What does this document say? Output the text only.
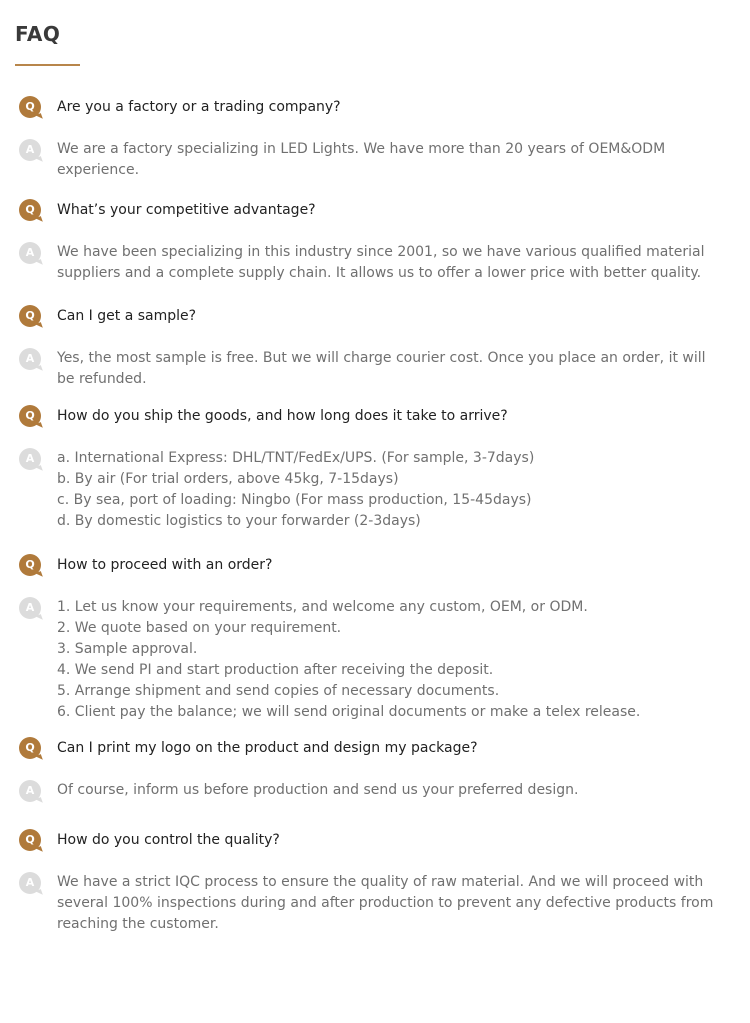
FAQ
Q	Are you a factory or a trading company?
A	We are a factory specializing in LED Lights. We have more than 20 years of OEM&ODM experience.
Q	What’s your competitive advantage?
A	We have been specializing in this industry since 2001, so we have various qualified material suppliers and a complete supply chain. It allows us to offer a lower price with better quality.
Q	Can I get a sample?
A	Yes, the most sample is free. But we will charge courier cost. Once you place an order, it will be refunded.
Q	How do you ship the goods, and how long does it take to arrive?
A	a. International Express: DHL/TNT/FedEx/UPS. (For sample, 3-7days)
b. By air (For trial orders, above 45kg, 7-15days)
c. By sea, port of loading: Ningbo (For mass production, 15-45days)
d. By domestic logistics to your forwarder (2-3days)
Q	How to proceed with an order?
A	1. Let us know your requirements, and welcome any custom, OEM, or ODM.
2. We quote based on your requirement.
3. Sample approval.
4. We send PI and start production after receiving the deposit.
5. Arrange shipment and send copies of necessary documents.
6. Client pay the balance; we will send original documents or make a telex release.
Q	Can I print my logo on the product and design my package?
A	Of course, inform us before production and send us your preferred design.
Q	How do you control the quality?
A	We have a strict IQC process to ensure the quality of raw material. And we will proceed with several 100% inspections during and after production to prevent any defective products from reaching the customer.
